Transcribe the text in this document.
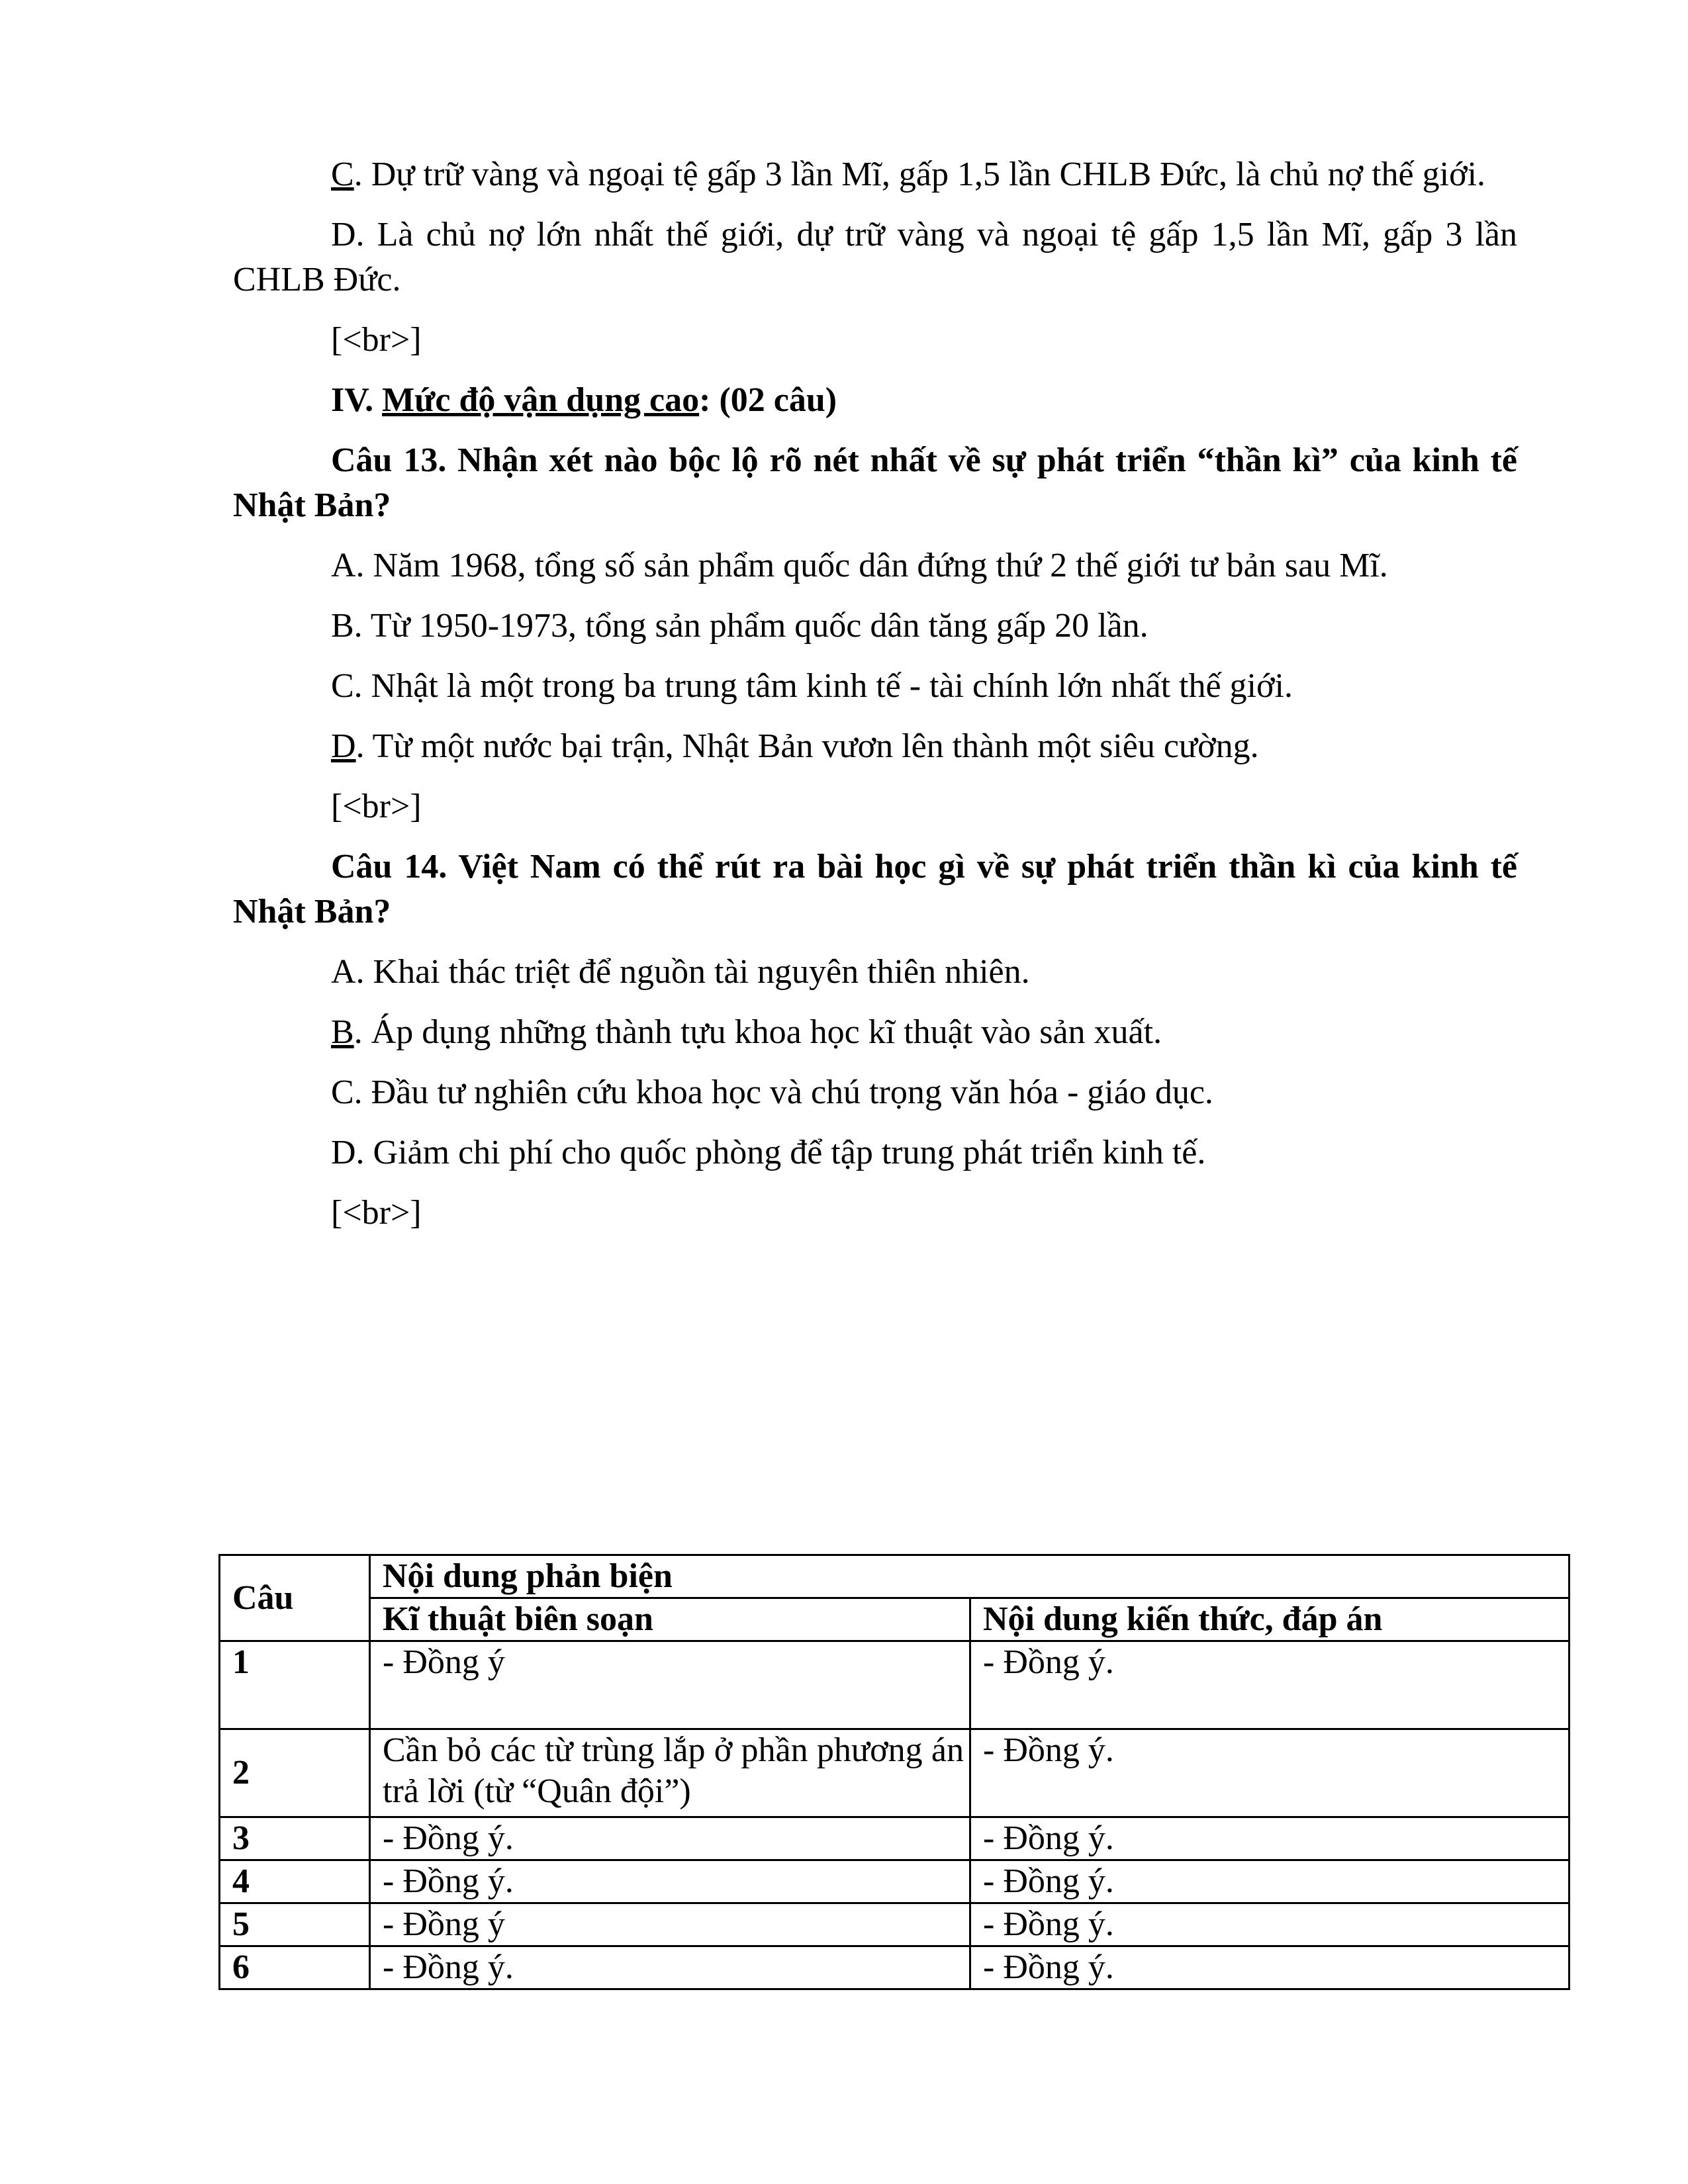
C. Dự trữ vàng và ngoại tệ gấp 3 lần Mĩ, gấp 1,5 lần CHLB Đức, là chủ nợ thế giới.

D. Là chủ nợ lớn nhất thế giới, dự trữ vàng và ngoại tệ gấp 1,5 lần Mĩ, gấp 3 lần CHLB Đức.

[<br>]

IV. Mức độ vận dụng cao: (02 câu)

Câu 13. Nhận xét nào bộc lộ rõ nét nhất về sự phát triển “thần kì” của kinh tế Nhật Bản?

A. Năm 1968, tổng số sản phẩm quốc dân đứng thứ 2 thế giới tư bản sau Mĩ.

B. Từ 1950-1973, tổng sản phẩm quốc dân tăng gấp 20 lần.

C. Nhật là một trong ba trung tâm kinh tế - tài chính lớn nhất thế giới.

D. Từ một nước bại trận, Nhật Bản vươn lên thành một siêu cường.

[<br>]

Câu 14. Việt Nam có thể rút ra bài học gì về sự phát triển thần kì của kinh tế Nhật Bản?

A. Khai thác triệt để nguồn tài nguyên thiên nhiên.

B. Áp dụng những thành tựu khoa học kĩ thuật vào sản xuất.

C. Đầu tư nghiên cứu khoa học và chú trọng văn hóa - giáo dục.

D. Giảm chi phí cho quốc phòng để tập trung phát triển kinh tế.

[<br>]

Câu	Nội dung phản biện	
	Kĩ thuật biên soạn	Nội dung kiến thức, đáp án
1	- Đồng ý	- Đồng ý.
2	Cần bỏ các từ trùng lắp ở phần phương án trả lời (từ “Quân đội”)	- Đồng ý.
3	- Đồng ý.	- Đồng ý.
4	- Đồng ý.	- Đồng ý.
5	- Đồng ý	- Đồng ý.
6	- Đồng ý.	- Đồng ý.
